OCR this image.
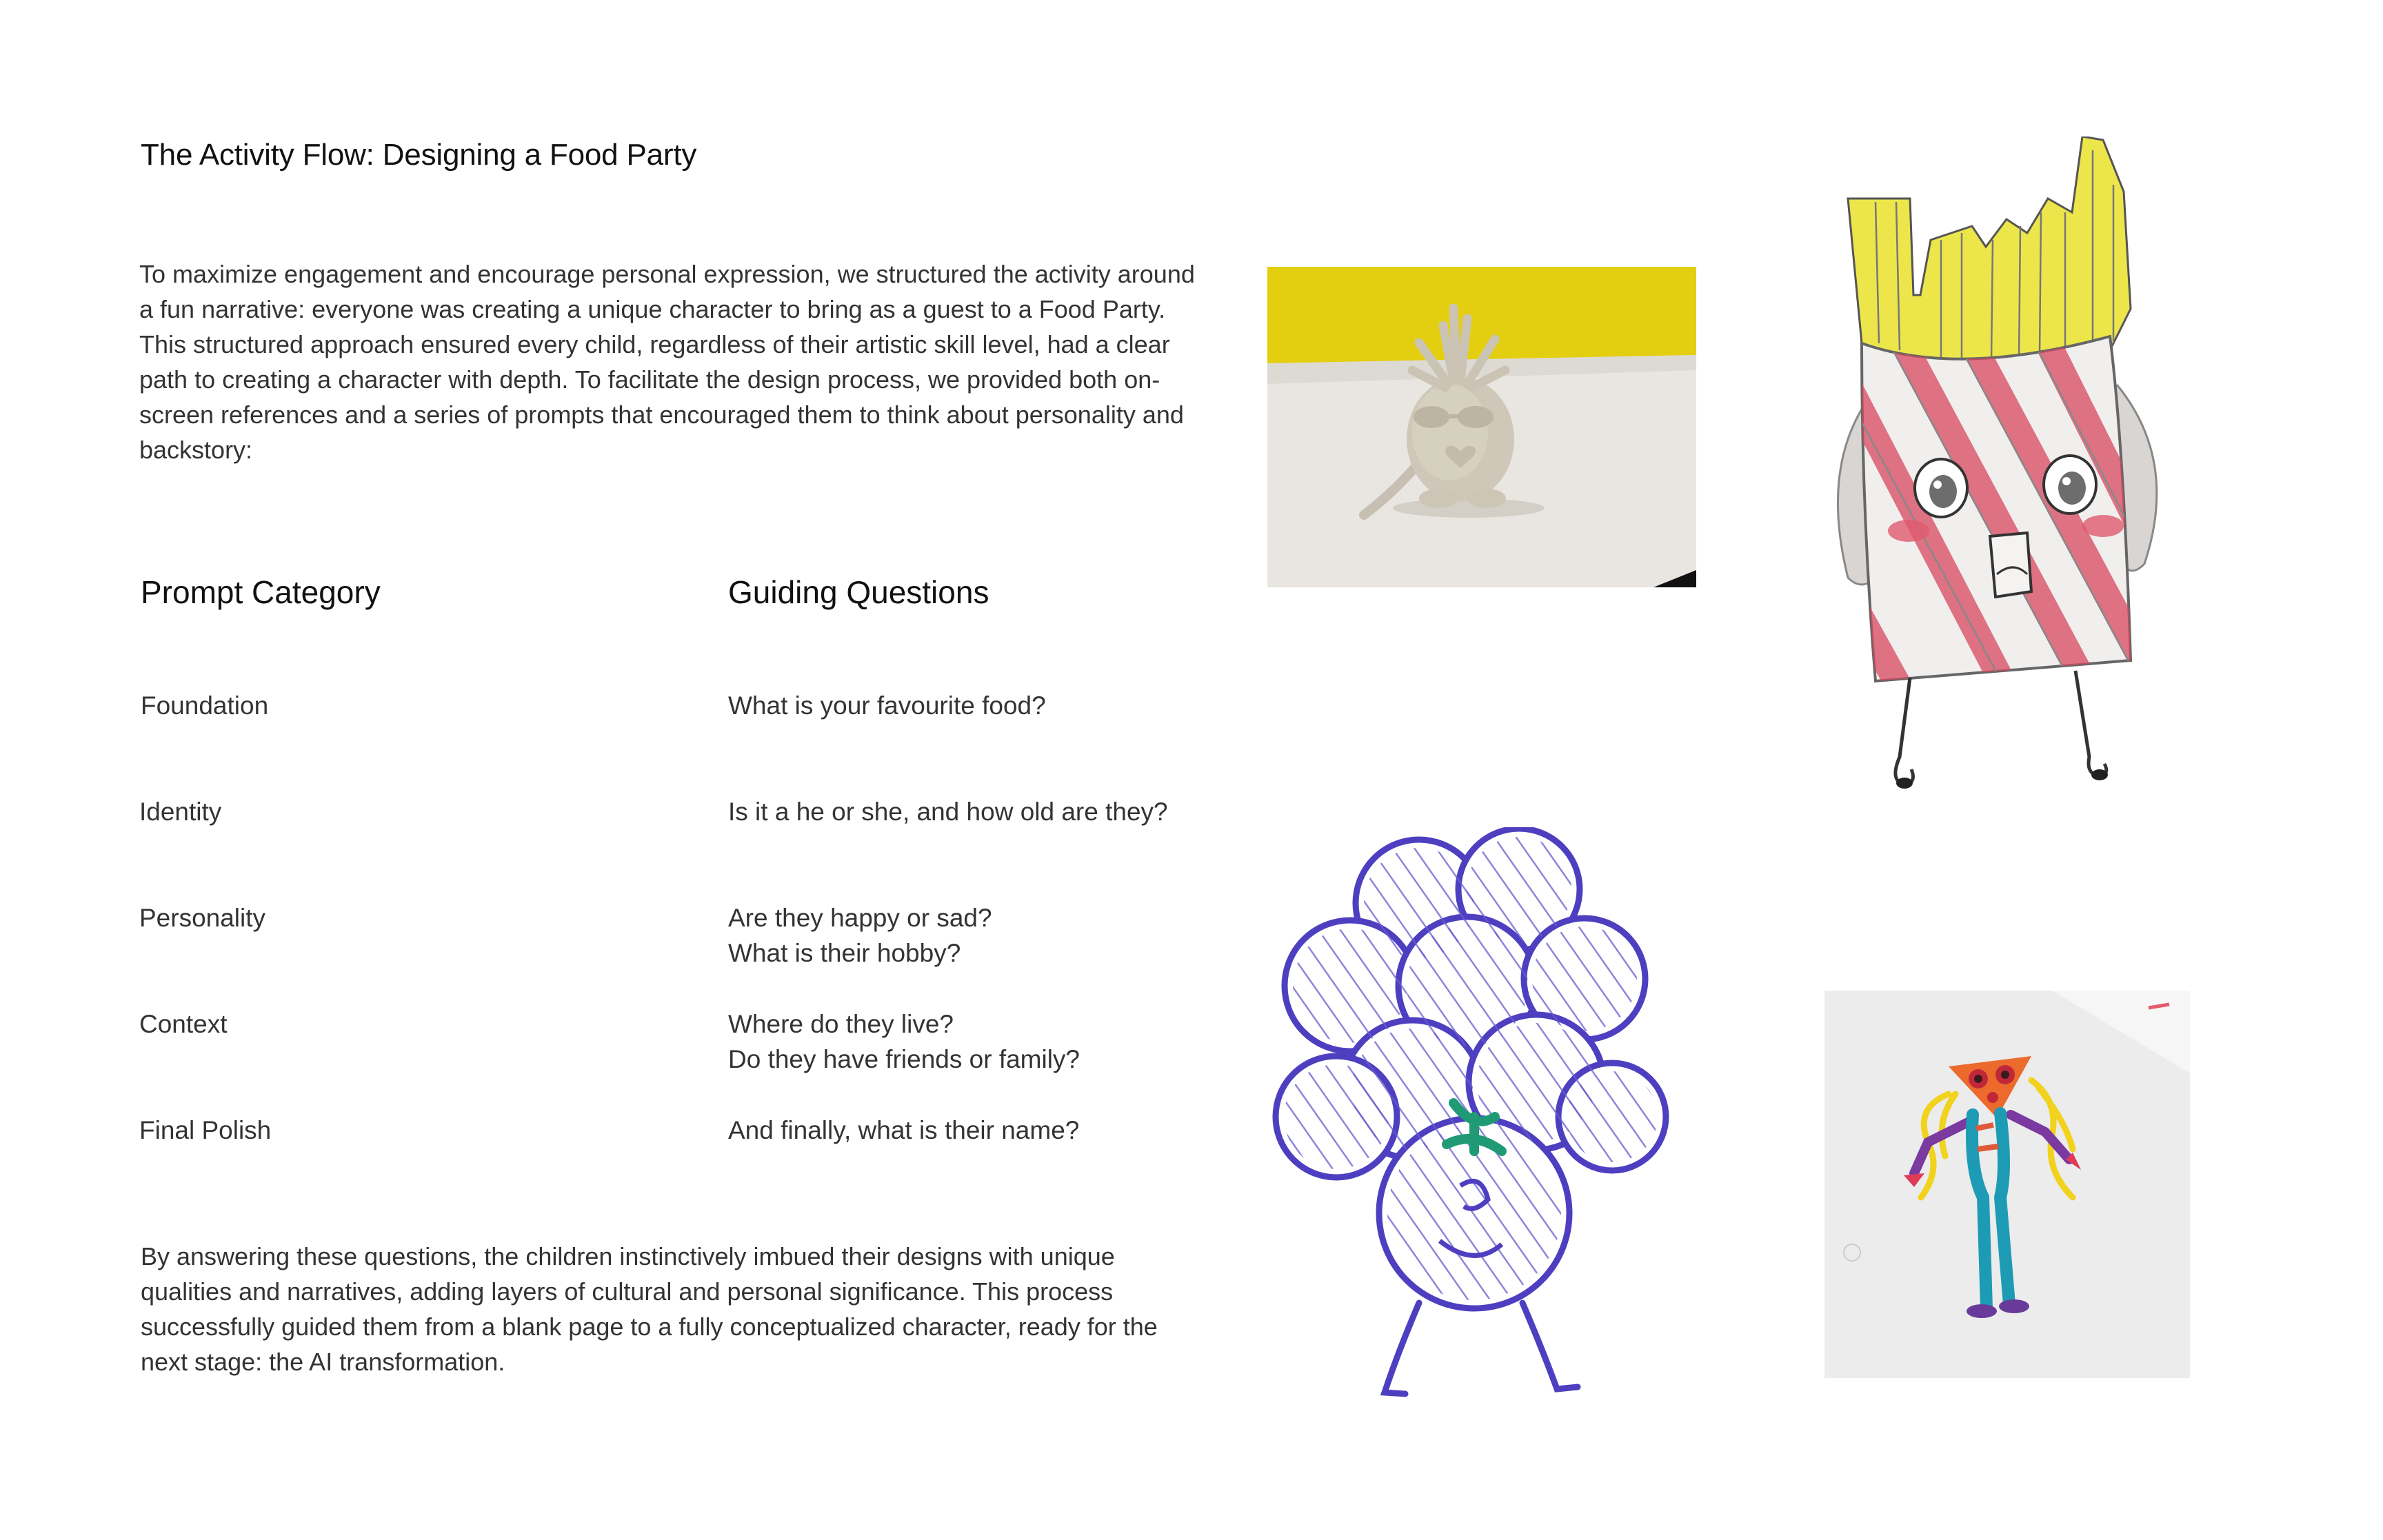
The Activity Flow: Designing a Food Party

To maximize engagement and encourage personal expression, we structured the activity around a fun narrative: everyone was creating a unique character to bring as a guest to a Food Party.

This structured approach ensured every child, regardless of their artistic skill level, had a clear path to creating a character with depth. To facilitate the design process, we provided both on-screen references and a series of prompts that encouraged them to think about personality and backstory:

Prompt Category	Guiding Questions
Foundation	What is your favourite food?
Identity	Is it a he or she, and how old are they?
Personality	Are they happy or sad?
What is their hobby?
Context	Where do they live?
Do they have friends or family?
Final Polish	And finally, what is their name?

By answering these questions, the children instinctively imbued their designs with unique qualities and narratives, adding layers of cultural and personal significance. This process successfully guided them from a blank page to a fully conceptualized character, ready for the next stage: the AI transformation.
